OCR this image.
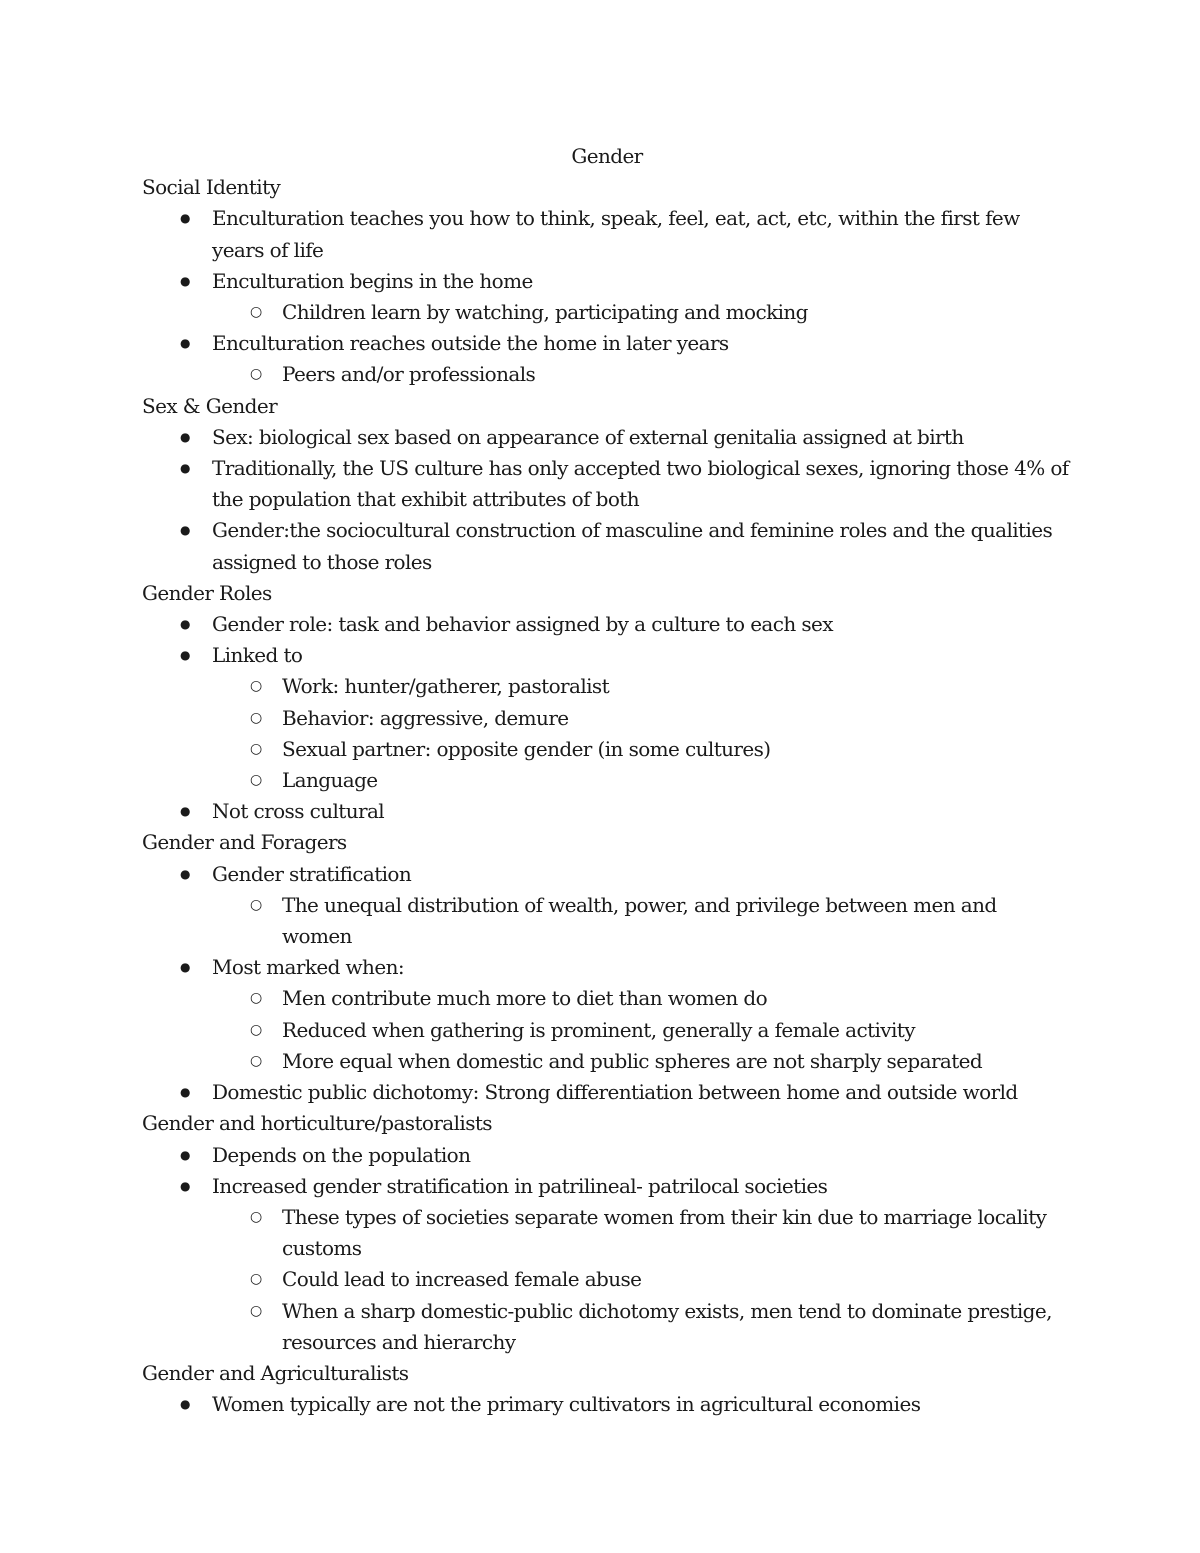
Gender
Social Identity
● Enculturation teaches you how to think, speak, feel, eat, act, etc, within the first few years of life
● Enculturation begins in the home
○ Children learn by watching, participating and mocking
● Enculturation reaches outside the home in later years
○ Peers and/or professionals
Sex & Gender
● Sex: biological sex based on appearance of external genitalia assigned at birth
● Traditionally, the US culture has only accepted two biological sexes, ignoring those 4% of the population that exhibit attributes of both
● Gender:the sociocultural construction of masculine and feminine roles and the qualities assigned to those roles
Gender Roles
● Gender role: task and behavior assigned by a culture to each sex
● Linked to
○ Work: hunter/gatherer, pastoralist
○ Behavior: aggressive, demure
○ Sexual partner: opposite gender (in some cultures)
○ Language
● Not cross cultural
Gender and Foragers
● Gender stratification
○ The unequal distribution of wealth, power, and privilege between men and women
● Most marked when:
○ Men contribute much more to diet than women do
○ Reduced when gathering is prominent, generally a female activity
○ More equal when domestic and public spheres are not sharply separated
● Domestic public dichotomy: Strong differentiation between home and outside world
Gender and horticulture/pastoralists
● Depends on the population
● Increased gender stratification in patrilineal- patrilocal societies
○ These types of societies separate women from their kin due to marriage locality customs
○ Could lead to increased female abuse
○ When a sharp domestic-public dichotomy exists, men tend to dominate prestige, resources and hierarchy
Gender and Agriculturalists
● Women typically are not the primary cultivators in agricultural economies
